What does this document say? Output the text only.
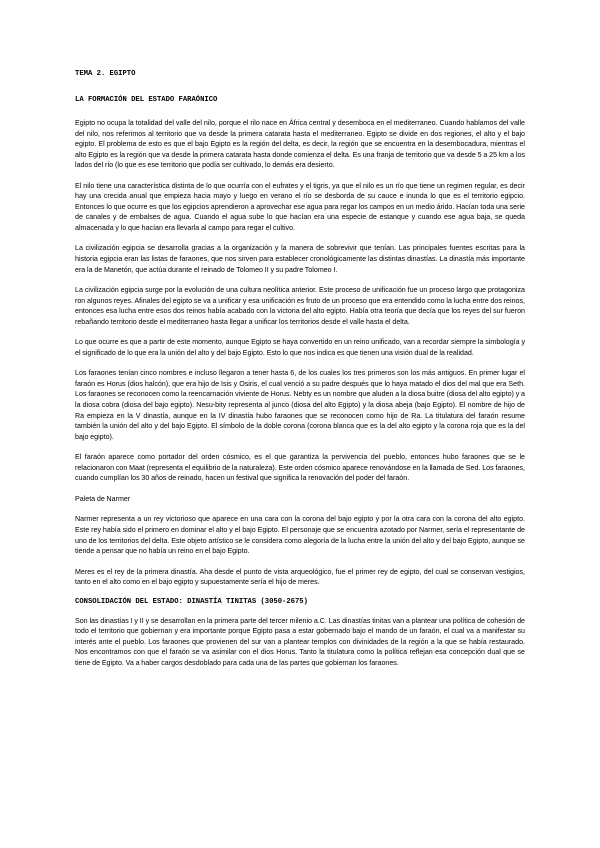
TEMA 2. EGIPTO
LA FORMACIÓN DEL ESTADO FARAÓNICO

Egipto no ocupa la totalidad del valle del nilo, porque el rilo nace en África central y desemboca en el mediterraneo. Cuando hablamos del valle del nilo, nos referimos al territorio que va desde la primera catarata hasta el mediterraneo. Egipto se divide en dos regiones, el alto y el bajo egipto. El problema de esto es que el bajo Egipto es la región del delta, es decir, la región que se encuentra en la desembocadura, mientras el alto Egipto es la región que va desde la primera catarata hasta donde comienza el delta. Es una franja de territorio que va desde 5 a 25 km a los lados del río (lo que es ese territorio que podía ser cultivado, lo demás era desierto.

El nilo tiene una característica distinta de lo que ocurría con el eufrates y el tigris, ya que el nilo es un río que tiene un regimen regular, es decir hay una crecida anual que empieza hacia mayo y luego en verano el río se desborda de su cauce e inunda lo que es el territorio egipcio. Entonces lo que ocurre es que los egipcios aprendieron a aprovechar ese agua para regar los campos en un medio árido. Hacían toda una serie de canales y de embalses de agua. Cuando el agua sube lo que hacían era una especie de estanque y cuando ese agua baja, se queda almacenada y lo que hacían era llevarla al campo para regar el cultivo.

La civilización egipcia se desarrolla gracias a la organización y la manera de sobrevivir que tenían. Las principales fuentes escritas para la historia egipcia eran las listas de faraones, que nos sirven para establecer cronológicamente las distintas dinastías. La dinastía más importante era la de Manetón, que actúa durante el reinado de Tolomeo II y su padre Tolomeo I.

La civilización egipcia surge por la evolución de una cultura neolítica anterior. Este proceso de unificación fue un proceso largo que protagoniza ron algunos reyes. Afinales del egipto se va a unificar y esa unificación es fruto de un proceso que era entendido como la lucha entre dos reinos, entonces esa lucha entre esos dos reinos había acabado con la victoria del alto egipto. Había otra teoría que decía que los reyes del sur fueron rebañando territorio desde el mediterraneo hasta llegar a unificar los territorios desde el valle hasta el delta.

Lo que ocurre es que a partir de este momento, aunque Egipto se haya convertido en un reino unificado, van a recordar siempre la simbología y el significado de lo que era la unión del alto y del bajo Egipto. Esto lo que nos indica es que tienen una visión dual de la realidad.

Los faraones tenían cinco nombres e incluso llegaron a tener hasta 6, de los cuales los tres primeros son los más antiguos. En primer lugar el faraón es Horus (dios halcón), que era hijo de Isis y Osiris, el cual venció a su padre después que lo haya matado el dios del mal que era Seth. Los faraones se reconocen como la reencarnación viviente de Horus. Nebty es un nombre que aluden a la diosa buitre (diosa del alto egipto) y a la diosa cobra (diosa del bajo egipto). Nesu-bity representa al junco (diosa del alto Egipto) y la diosa abeja (bajo Egipto). El nombre de hijo de Ra empieza en la V dinastía, aunque en la IV dinastía hubo faraones que se reconocen como hijo de Ra. La titulatura del faraón resume también la unión del alto y del bajo Egipto. El símbolo de la doble corona (corona blanca que es la del alto egipto y la corona roja que es la del bajo egipto).

El faraón aparece como portador del orden cósmico, es el que garantiza la pervivencia del pueblo, entonces hubo faraones que se le relacionaron con Maat (representa el equilibrio de la naturaleza). Este orden cósmico aparece renovándose en la llamada de Sed. Los faraones, cuando cumplían los 30 años de reinado, hacen un festival que significa la renovación del poder del faraón.

Paleta de Narmer

Narmer representa a un rey victorioso que aparece en una cara con la corona del bajo egipto y por la otra cara con la corona del alto egipto. Este rey había sido el primero en dominar el alto y el bajo Egipto. El personaje que se encuentra azotado por Narmer, sería el representante de uno de los territorios del delta. Este objeto artístico se le considera como alegoría de la lucha entre la unión del alto y del bajo Egipto, aunque se tiende a pensar que no había un reino en el bajo Egipto.

Meres es el rey de la primera dinastía. Aha desde el punto de vista arqueológico, fue el primer rey de egipto, del cual se conservan vestigios, tanto en el alto como en el bajo egipto y supuestamente sería el hijo de meres.

CONSOLIDACIÓN DEL ESTADO: DINASTÍA TINITAS (3050-2675)

Son las dinastías I y II y se desarrollan en la primera parte del tercer milenio a.C. Las dinastías tinitas van a plantear una política de cohesión de todo el territorio que gobiernan y era importante porque Egipto pasa a estar gobernado bajo el mando de un faraón, el cual va a manifestar su interés ante el pueblo. Los faraones que provienen del sur van a plantear templos con divinidades de la región a la que se había restaurado. Nos encontramos con que el faraón se va asimilar con el dios Horus. Tanto la titulatura como la política reflejan esa concepción dual que se tiene de Egipto. Va a haber cargos desdoblado para cada una de las partes que gobiernan los faraones.
